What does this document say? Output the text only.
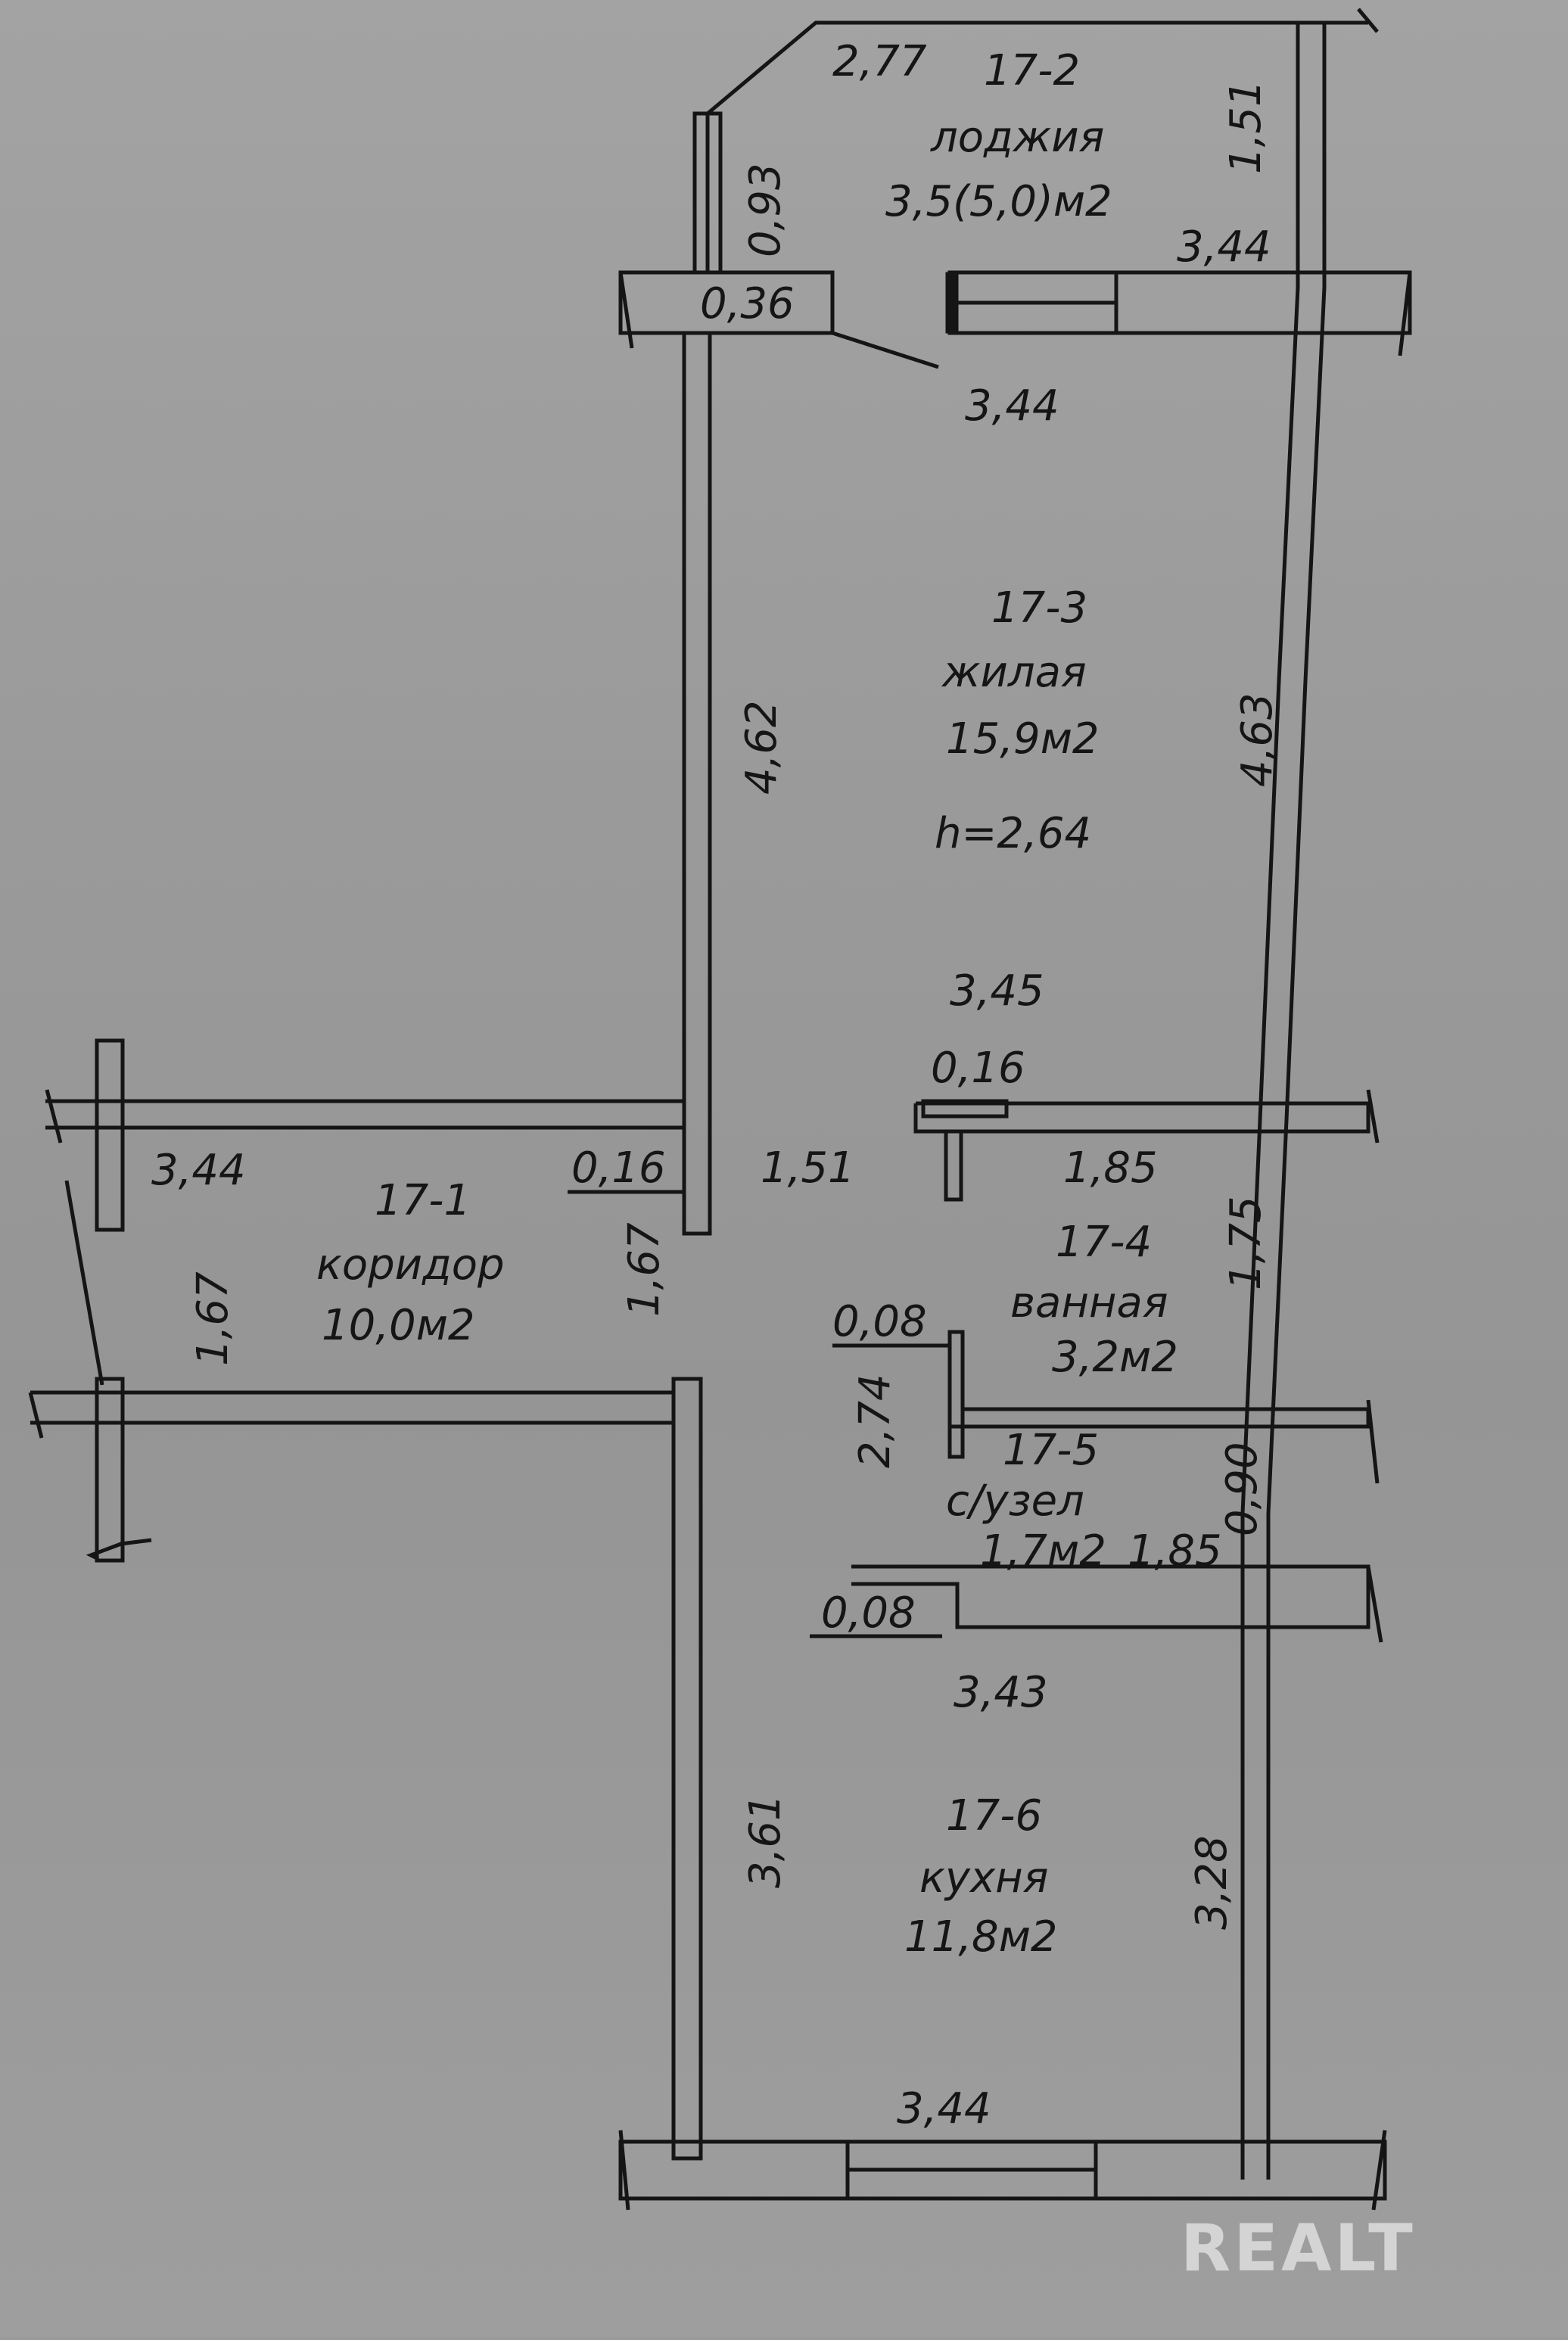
17-2
лоджия
3,5(5,0)м2
17-3
жилая
15,9м2
h=2,64
17-1
коридор
10,0м2
17-4
ванная
3,2м2
17-5
с/узел
1,7м2
17-6
кухня
11,8м2
2,77
1,51
0,93
0,36
3,44
3,44
4,62	4,63
3,45
0,16
3,44	0,16 1,51	1,85
1,75
1,67
1,67
0,08
2,74
0,90
1,85
0,08
3,43
3,61	3,28
3,44
REALT
